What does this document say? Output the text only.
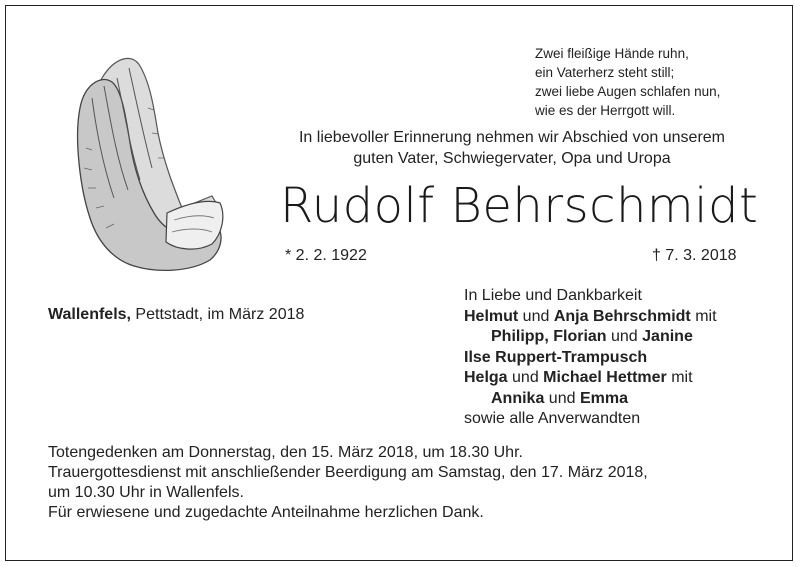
Zwei fleißige Hände ruhn,
ein Vaterherz steht still;
zwei liebe Augen schlafen nun,
wie es der Herrgott will.
In liebevoller Erinnerung nehmen wir Abschied von unserem
guten Vater, Schwiegervater, Opa und Uropa
Rudolf Behrschmidt
* 2. 2. 1922	† 7. 3. 2018
Wallenfels, Pettstadt, im März 2018
In Liebe und Dankbarkeit
Helmut und Anja Behrschmidt mit
Philipp, Florian und Janine
Ilse Ruppert-Trampusch
Helga und Michael Hettmer mit
Annika und Emma
sowie alle Anverwandten
Totengedenken am Donnerstag, den 15. März 2018, um 18.30 Uhr.
Trauergottesdienst mit anschließender Beerdigung am Samstag, den 17. März 2018,
um 10.30 Uhr in Wallenfels.
Für erwiesene und zugedachte Anteilnahme herzlichen Dank.
